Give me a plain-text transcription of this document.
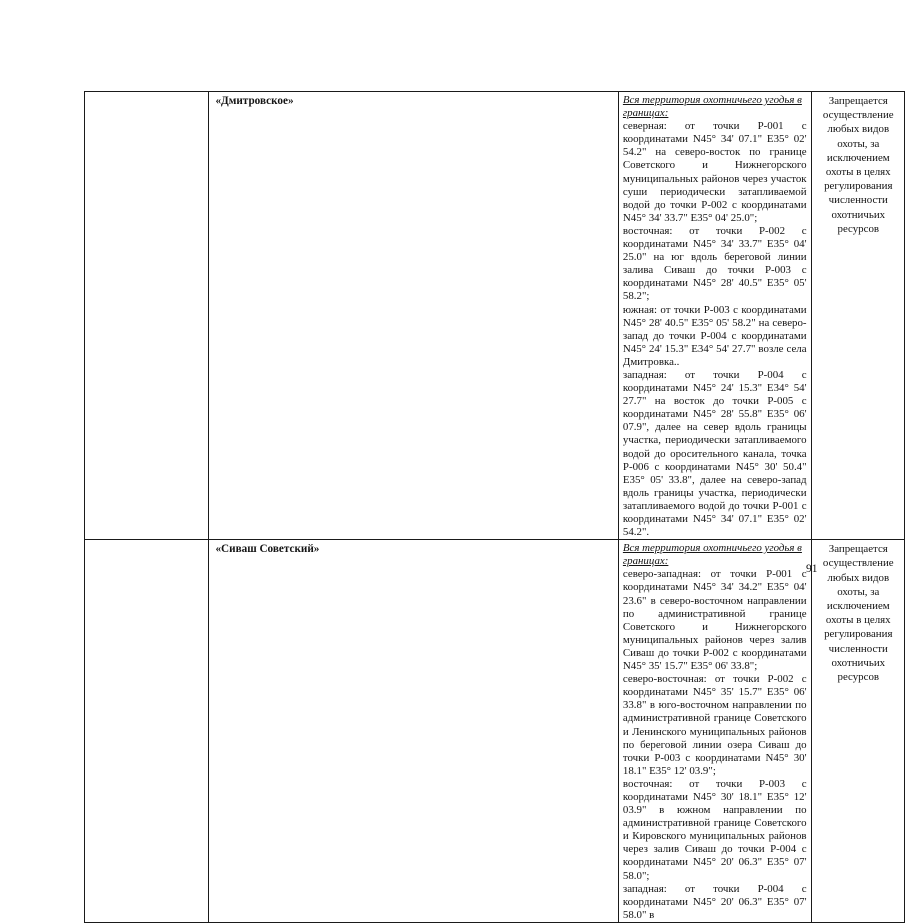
	«Дмитровское»	Вся территория охотничьего угодья в границах:
северная: от точки Р-001 с координатами N45° 34' 07.1" E35° 02' 54.2" на северо-восток по границе Советского и Нижнегорского муниципальных районов через участок суши периодически затапливаемой водой до точки Р-002 с координатами N45° 34' 33.7" E35° 04' 25.0";
восточная: от точки Р-002 с координатами N45° 34' 33.7" E35° 04' 25.0" на юг вдоль береговой линии залива Сиваш до точки Р-003 с координатами N45° 28' 40.5" E35° 05' 58.2";
южная: от точки Р-003 с координатами N45° 28' 40.5" E35° 05' 58.2" на северо-запад до точки Р-004 с координатами N45° 24' 15.3" E34° 54' 27.7" возле села Дмитровка..
западная: от точки Р-004 с координатами N45° 24' 15.3" E34° 54' 27.7" на восток до точки Р-005 с координатами N45° 28' 55.8" E35° 06' 07.9", далее на север вдоль границы участка, периодически затапливаемого водой до оросительного канала, точка Р-006 с координатами N45° 30' 50.4" E35° 05' 33.8", далее на северо-запад вдоль границы участка, периодически затапливаемого водой до точки Р-001 с координатами N45° 34' 07.1" E35° 02' 54.2".	Запрещается осуществление любых видов охоты, за исключением охоты в целях регулирования численности охотничьих ресурсов

	«Сиваш Советский»	Вся территория охотничьего угодья в границах:
северо-западная: от точки Р-001 с координатами N45° 34' 34.2" E35° 04' 23.6" в северо-восточном направлении по административной границе Советского и Нижнегорского муниципальных районов через залив Сиваш до точки Р-002 с координатами N45° 35' 15.7" E35° 06' 33.8";
северо-восточная: от точки Р-002 с координатами N45° 35' 15.7" E35° 06' 33.8" в юго-восточном направлении по административной границе Советского и Ленинского муниципальных районов по береговой линии озера Сиваш до точки Р-003 с координатами N45° 30' 18.1" E35° 12' 03.9";
восточная: от точки Р-003 с координатами N45° 30' 18.1" E35° 12' 03.9" в южном направлении по административной границе Советского и Кировского муниципальных районов через залив Сиваш до точки Р-004 с координатами N45° 20' 06.3" E35° 07' 58.0";
западная: от точки Р-004 с координатами N45° 20' 06.3" E35° 07' 58.0" в	Запрещается осуществление любых видов охоты, за исключением охоты в целях регулирования численности охотничьих ресурсов
91
